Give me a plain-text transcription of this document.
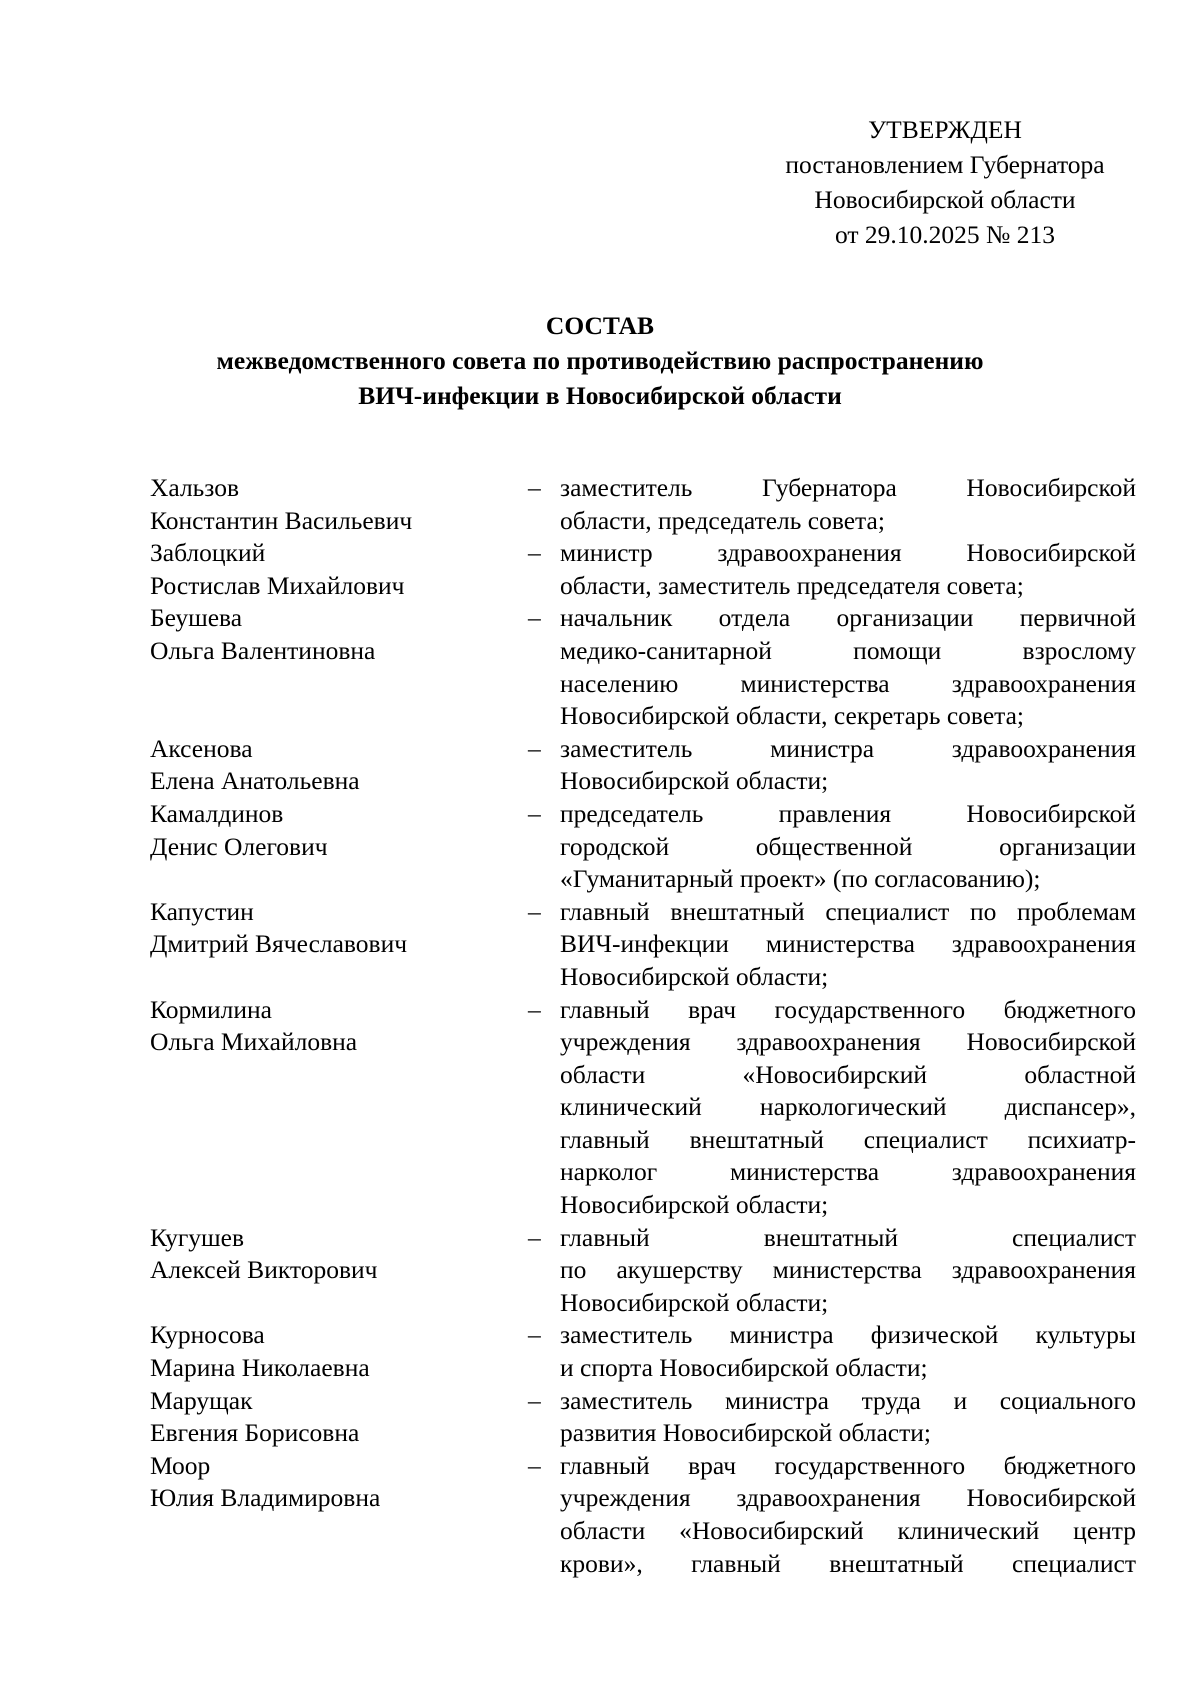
УТВЕРЖДЕН
постановлением Губернатора
Новосибирской области
от 29.10.2025 № 213
СОСТАВ
межведомственного совета по противодействию распространению
ВИЧ-инфекции в Новосибирской области
Хальзов
Константин Васильевич
– заместитель Губернатора Новосибирской
области, председатель совета;
Заблоцкий
Ростислав Михайлович
– министр здравоохранения Новосибирской
области, заместитель председателя совета;
Беушева
Ольга Валентиновна
– начальник отдела организации первичной
медико-санитарной помощи взрослому
населению министерства здравоохранения
Новосибирской области, секретарь совета;
Аксенова
Елена Анатольевна
– заместитель министра здравоохранения
Новосибирской области;
Камалдинов
Денис Олегович
– председатель правления Новосибирской
городской общественной организации
«Гуманитарный проект» (по согласованию);
Капустин
Дмитрий Вячеславович
– главный внештатный специалист по проблемам
ВИЧ-инфекции министерства здравоохранения
Новосибирской области;
Кормилина
Ольга Михайловна
– главный врач государственного бюджетного
учреждения здравоохранения Новосибирской
области «Новосибирский областной
клинический наркологический диспансер»,
главный внештатный специалист психиатр-
нарколог министерства здравоохранения
Новосибирской области;
Кугушев
Алексей Викторович
– главный внештатный специалист
по акушерству министерства здравоохранения
Новосибирской области;
Курносова
Марина Николаевна
– заместитель министра физической культуры
и спорта Новосибирской области;
Марущак
Евгения Борисовна
– заместитель министра труда и социального
развития Новосибирской области;
Моор
Юлия Владимировна
– главный врач государственного бюджетного
учреждения здравоохранения Новосибирской
области «Новосибирский клинический центр
крови», главный внештатный специалист
